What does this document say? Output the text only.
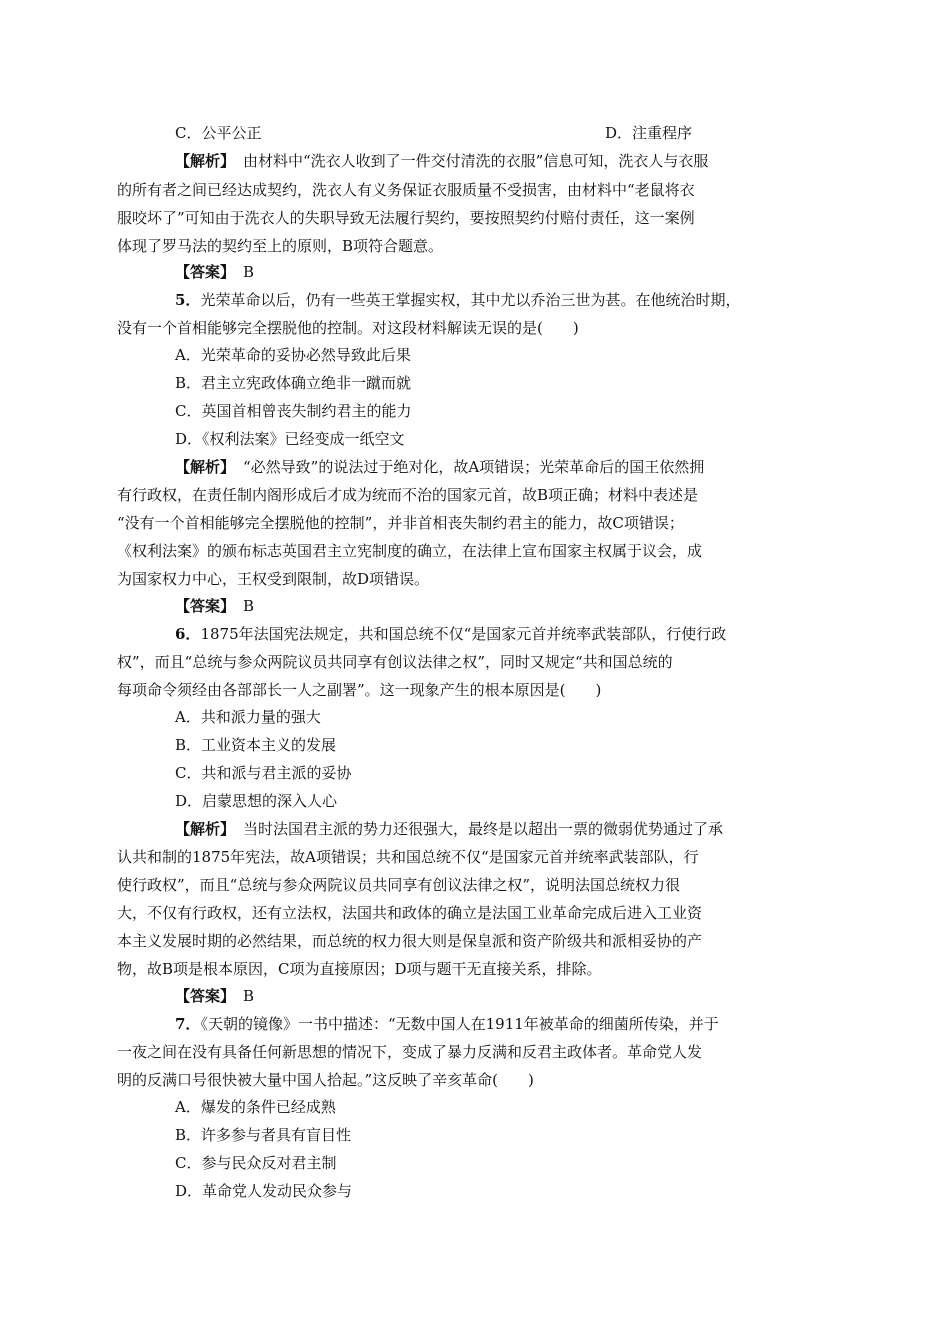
C．公平公正	D．注重程序
【解析】 由材料中“洗衣人收到了一件交付清洗的衣服”信息可知，洗衣人与衣服
的所有者之间已经达成契约，洗衣人有义务保证衣服质量不受损害，由材料中“老鼠将衣
服咬坏了”可知由于洗衣人的失职导致无法履行契约，要按照契约付赔付责任，这一案例
体现了罗马法的契约至上的原则，B项符合题意。
【答案】 B
5．光荣革命以后，仍有一些英王掌握实权，其中尤以乔治三世为甚。在他统治时期，
没有一个首相能够完全摆脱他的控制。对这段材料解读无误的是(　　)
A．光荣革命的妥协必然导致此后果
B．君主立宪政体确立绝非一蹴而就
C．英国首相曾丧失制约君主的能力
D．《权利法案》已经变成一纸空文
【解析】 “必然导致”的说法过于绝对化，故A项错误；光荣革命后的国王依然拥
有行政权，在责任制内阁形成后才成为统而不治的国家元首，故B项正确；材料中表述是
“没有一个首相能够完全摆脱他的控制”，并非首相丧失制约君主的能力，故C项错误；
《权利法案》的颁布标志英国君主立宪制度的确立，在法律上宣布国家主权属于议会，成
为国家权力中心，王权受到限制，故D项错误。
【答案】 B
6．1875年法国宪法规定，共和国总统不仅“是国家元首并统率武装部队，行使行政
权”，而且“总统与参众两院议员共同享有创议法律之权”，同时又规定“共和国总统的
每项命令须经由各部部长一人之副署”。这一现象产生的根本原因是(　　)
A．共和派力量的强大
B．工业资本主义的发展
C．共和派与君主派的妥协
D．启蒙思想的深入人心
【解析】 当时法国君主派的势力还很强大，最终是以超出一票的微弱优势通过了承
认共和制的1875年宪法，故A项错误；共和国总统不仅“是国家元首并统率武装部队，行
使行政权”，而且“总统与参众两院议员共同享有创议法律之权”，说明法国总统权力很
大，不仅有行政权，还有立法权，法国共和政体的确立是法国工业革命完成后进入工业资
本主义发展时期的必然结果，而总统的权力很大则是保皇派和资产阶级共和派相妥协的产
物，故B项是根本原因，C项为直接原因；D项与题干无直接关系，排除。
【答案】 B
7．《天朝的镜像》一书中描述：“无数中国人在1911年被革命的细菌所传染，并于
一夜之间在没有具备任何新思想的情况下，变成了暴力反满和反君主政体者。革命党人发
明的反满口号很快被大量中国人拾起。”这反映了辛亥革命(　　)
A．爆发的条件已经成熟
B．许多参与者具有盲目性
C．参与民众反对君主制
D．革命党人发动民众参与
